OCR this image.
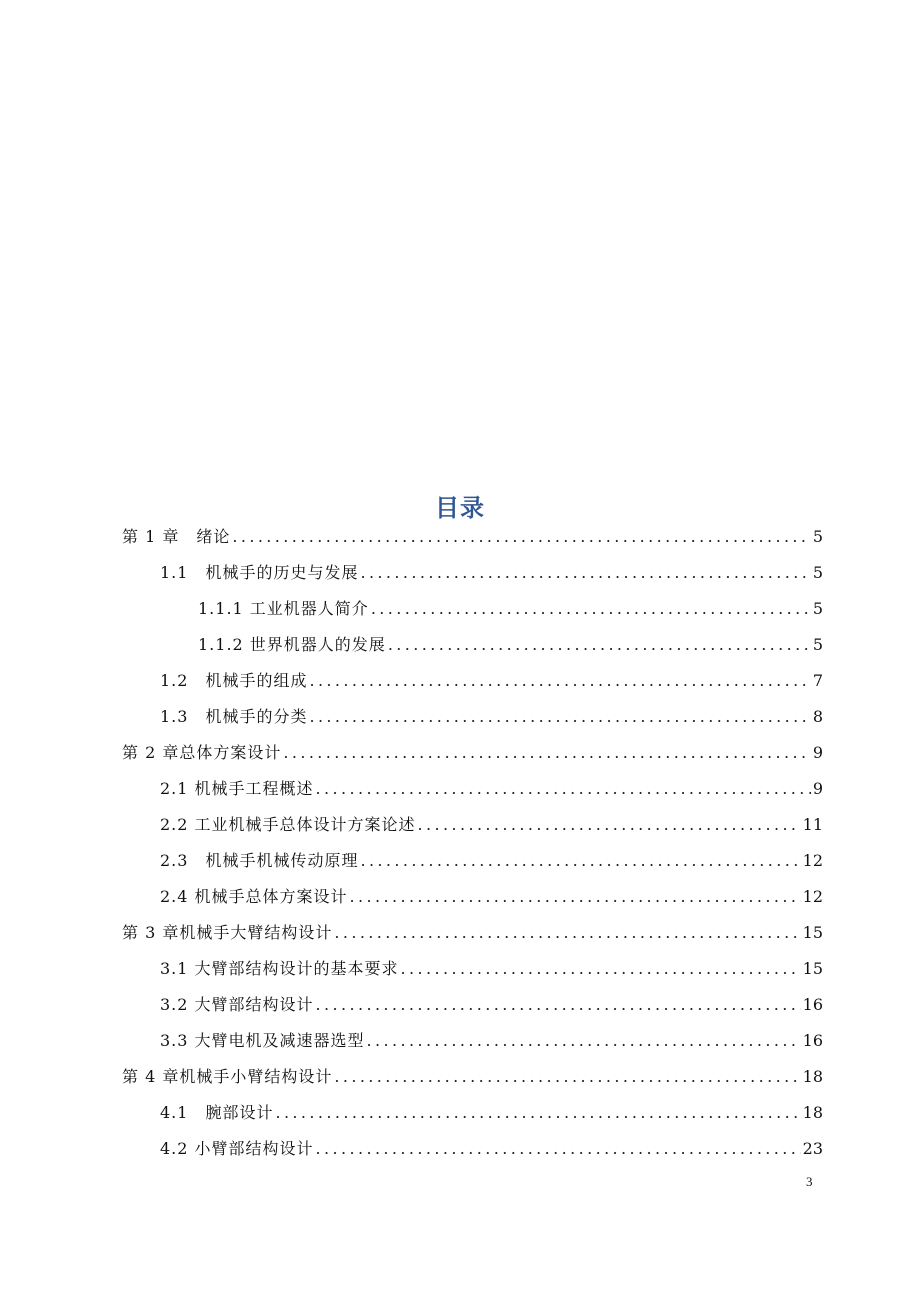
目录
第 1 章　绪论 .....	5
1.1　机械手的历史与发展 .....	5
1.1.1 工业机器人简介 .....	5
1.1.2 世界机器人的发展 .....	5
1.2　机械手的组成 .....	7
1.3　机械手的分类 .....	8
第 2 章总体方案设计 .....	9
2.1 机械手工程概述 .....	9
2.2 工业机械手总体设计方案论述 .....	11
2.3　机械手机械传动原理 .....	12
2.4 机械手总体方案设计 .....	12
第 3 章机械手大臂结构设计 .....	15
3.1 大臂部结构设计的基本要求 .....	15
3.2 大臂部结构设计 .....	16
3.3 大臂电机及减速器选型 .....	16
第 4 章机械手小臂结构设计 .....	18
4.1　腕部设计 .....	18
4.2 小臂部结构设计 .....	23
3
